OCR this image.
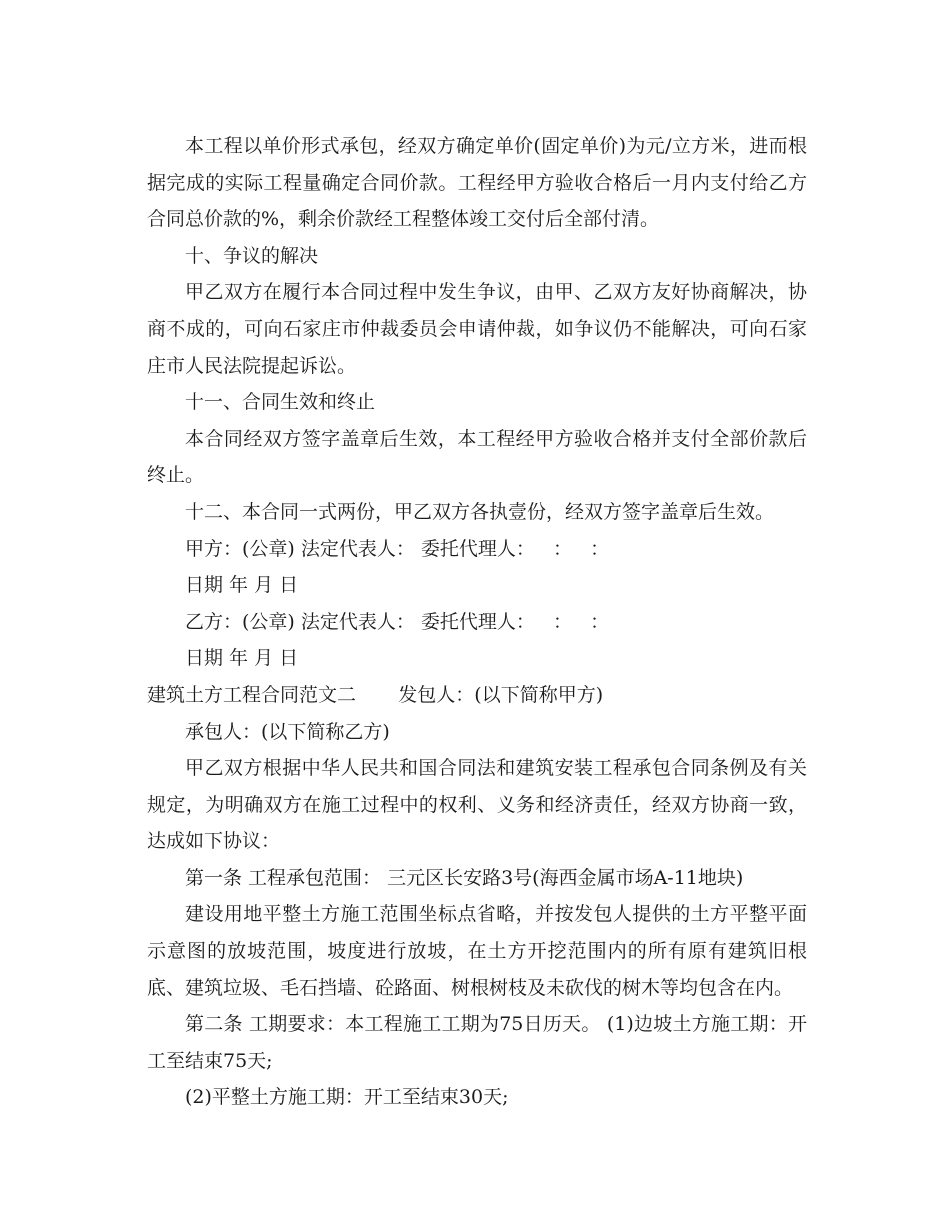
本工程以单价形式承包，经双方确定单价(固定单价)为元/立方米，进而根据完成的实际工程量确定合同价款。工程经甲方验收合格后一月内支付给乙方合同总价款的%，剩余价款经工程整体竣工交付后全部付清。

十、争议的解决

甲乙双方在履行本合同过程中发生争议，由甲、乙双方友好协商解决，协商不成的，可向石家庄市仲裁委员会申请仲裁，如争议仍不能解决，可向石家庄市人民法院提起诉讼。

十一、合同生效和终止

本合同经双方签字盖章后生效，本工程经甲方验收合格并支付全部价款后终止。

十二、本合同一式两份，甲乙双方各执壹份，经双方签字盖章后生效。

甲方：(公章) 法定代表人： 委托代理人：   ：   ：

日期 年 月 日

乙方：(公章) 法定代表人： 委托代理人：   ：   ：

日期 年 月 日

建筑土方工程合同范文二       发包人：(以下简称甲方)

承包人：(以下简称乙方)

甲乙双方根据中华人民共和国合同法和建筑安装工程承包合同条例及有关规定，为明确双方在施工过程中的权利、义务和经济责任，经双方协商一致，达成如下协议：

第一条 工程承包范围： 三元区长安路3号(海西金属市场A-11地块)

建设用地平整土方施工范围坐标点省略，并按发包人提供的土方平整平面示意图的放坡范围，坡度进行放坡，在土方开挖范围内的所有原有建筑旧根底、建筑垃圾、毛石挡墙、砼路面、树根树枝及未砍伐的树木等均包含在内。

第二条 工期要求：本工程施工工期为75日历天。 (1)边坡土方施工期：开工至结束75天;

(2)平整土方施工期：开工至结束30天;
